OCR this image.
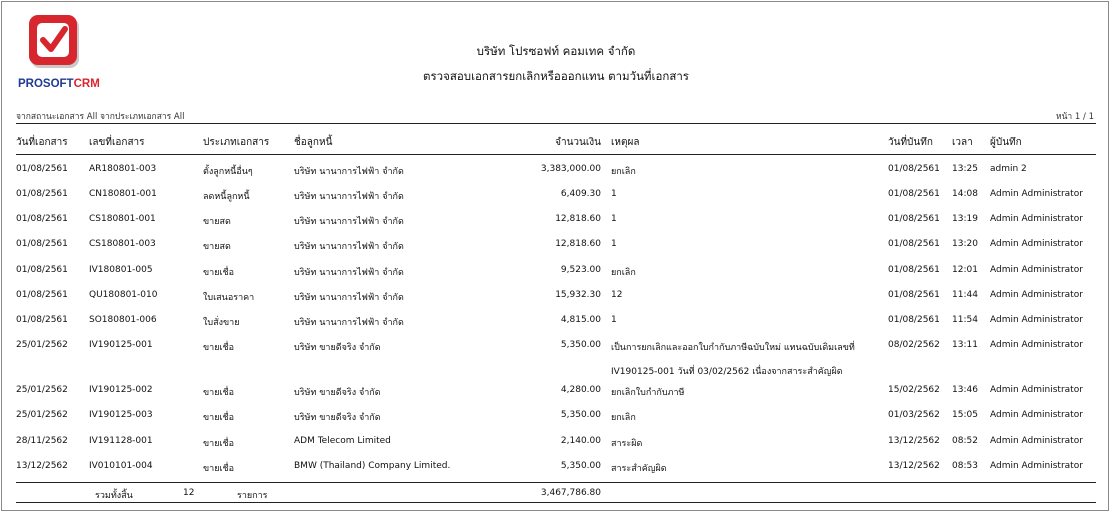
PROSOFTCRM
บริษัท โปรซอฟท์ คอมเทค จำกัด
ตรวจสอบเอกสารยกเลิกหรือออกแทน ตามวันที่เอกสาร
จากสถานะเอกสาร All จากประเภทเอกสาร All	หน้า 1 / 1
วันที่เอกสาร เลขที่เอกสาร	ประเภทเอกสาร ชื่อลูกหนี้	จำนวนเงิน เหตุผล	วันที่บันทึก เวลา ผู้บันทึก
01/08/2561 AR180801-003	ตั้งลูกหนี้อื่นๆ	บริษัท นานาการไฟฟ้า จำกัด	3,383,000.00 ยกเลิก	01/08/2561 13:25 admin 2
01/08/2561 CN180801-001	ลดหนี้ลูกหนี้	บริษัท นานาการไฟฟ้า จำกัด	6,409.30 1	01/08/2561 14:08 Admin Administrator
01/08/2561 CS180801-001	ขายสด	บริษัท นานาการไฟฟ้า จำกัด	12,818.60 1	01/08/2561 13:19 Admin Administrator
01/08/2561 CS180801-003	ขายสด	บริษัท นานาการไฟฟ้า จำกัด	12,818.60 1	01/08/2561 13:20 Admin Administrator
01/08/2561 IV180801-005	ขายเชื่อ	บริษัท นานาการไฟฟ้า จำกัด	9,523.00 ยกเลิก	01/08/2561 12:01 Admin Administrator
01/08/2561 QU180801-010	ใบเสนอราคา	บริษัท นานาการไฟฟ้า จำกัด	15,932.30 12	01/08/2561 11:44 Admin Administrator
01/08/2561 SO180801-006	ใบสั่งขาย	บริษัท นานาการไฟฟ้า จำกัด	4,815.00 1	01/08/2561 11:54 Admin Administrator
25/01/2562 IV190125-001	ขายเชื่อ	บริษัท ขายดีจริง จำกัด	5,350.00 เป็นการยกเลิกและออกใบกำกับภาษีฉบับใหม่ แทนฉบับเดิมเลขที่	08/02/2562 13:11 Admin Administrator
IV190125-001 วันที่ 03/02/2562 เนื่องจากสาระสำคัญผิด
25/01/2562 IV190125-002	ขายเชื่อ	บริษัท ขายดีจริง จำกัด	4,280.00 ยกเลิกใบกำกับภาษี	15/02/2562 13:46 Admin Administrator
25/01/2562 IV190125-003	ขายเชื่อ	บริษัท ขายดีจริง จำกัด	5,350.00 ยกเลิก	01/03/2562 15:05 Admin Administrator
28/11/2562 IV191128-001	ขายเชื่อ	ADM Telecom Limited	2,140.00 สาระผิด	13/12/2562 08:52 Admin Administrator
13/12/2562 IV010101-004	ขายเชื่อ	BMW (Thailand) Company Limited.	5,350.00 สาระสำคัญผิด	13/12/2562 08:53 Admin Administrator
รวมทั้งสิ้น	12	รายการ	3,467,786.80
